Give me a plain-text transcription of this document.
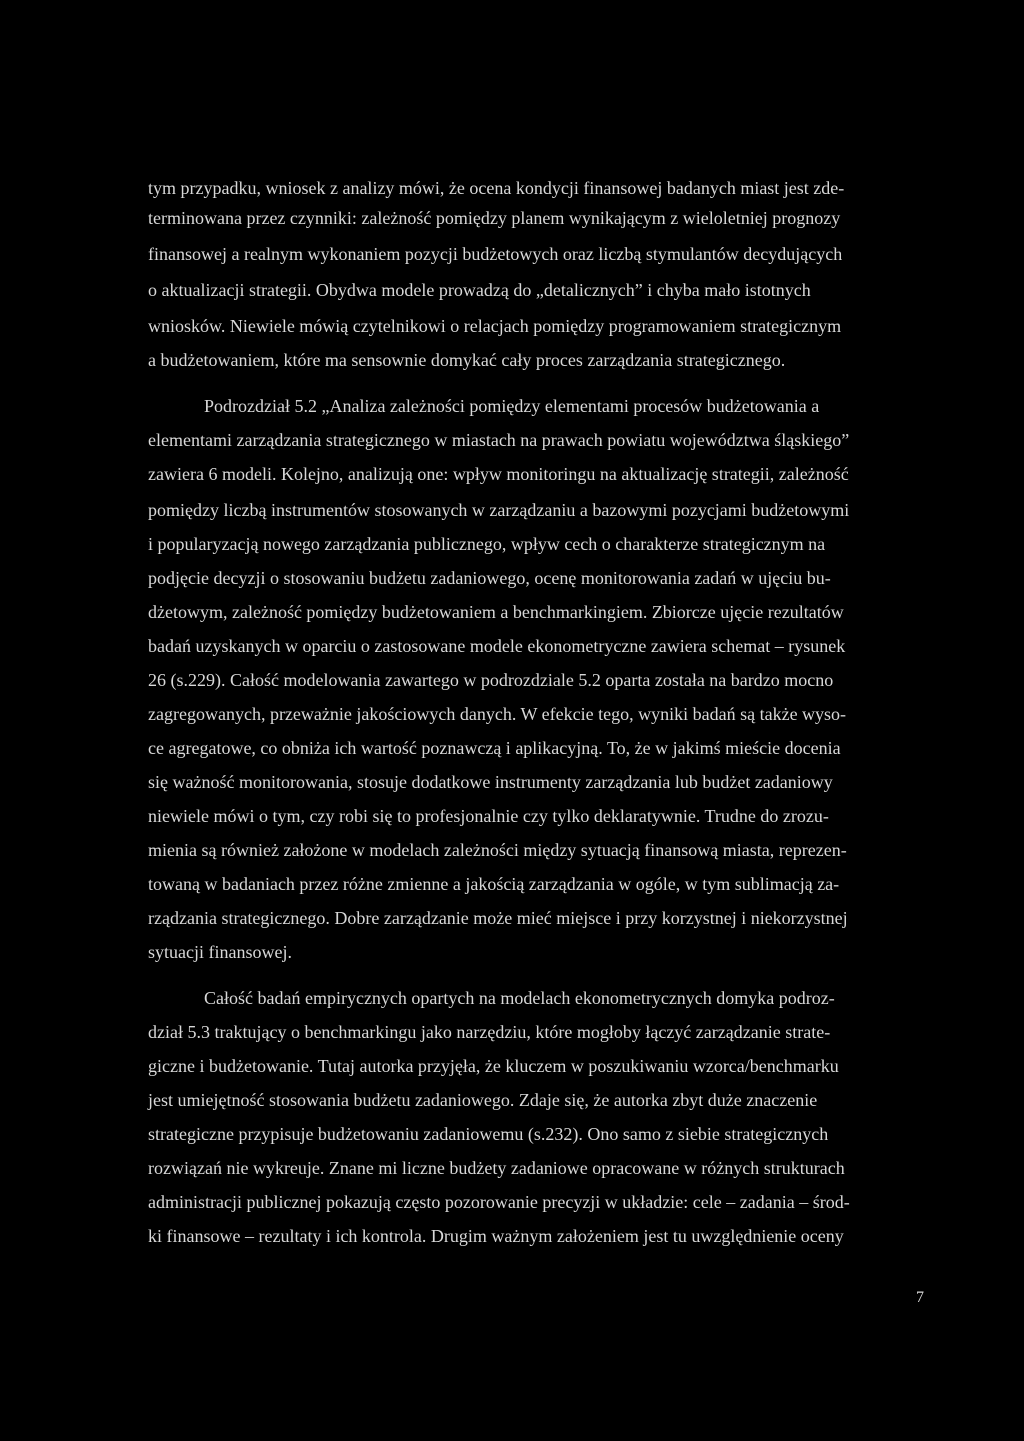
tym przypadku, wniosek z analizy mówi, że ocena kondycji finansowej badanych miast jest zde-
terminowana przez czynniki: zależność pomiędzy planem wynikającym z wieloletniej prognozy
finansowej a realnym wykonaniem pozycji budżetowych oraz liczbą stymulantów decydujących
o aktualizacji strategii. Obydwa modele prowadzą do „detalicznych” i chyba mało istotnych
wniosków. Niewiele mówią czytelnikowi o relacjach pomiędzy programowaniem strategicznym
a budżetowaniem, które ma sensownie domykać cały proces zarządzania strategicznego.
Podrozdział 5.2 „Analiza zależności pomiędzy elementami procesów budżetowania a
elementami zarządzania strategicznego w miastach na prawach powiatu województwa śląskiego”
zawiera 6 modeli. Kolejno, analizują one: wpływ monitoringu na aktualizację strategii, zależność
pomiędzy liczbą instrumentów stosowanych w zarządzaniu a bazowymi pozycjami budżetowymi
i popularyzacją nowego zarządzania publicznego, wpływ cech o charakterze strategicznym na
podjęcie decyzji o stosowaniu budżetu zadaniowego, ocenę monitorowania zadań w ujęciu bu-
dżetowym, zależność pomiędzy budżetowaniem a benchmarkingiem. Zbiorcze ujęcie rezultatów
badań uzyskanych w oparciu o zastosowane modele ekonometryczne zawiera schemat – rysunek
26 (s.229). Całość modelowania zawartego w podrozdziale 5.2 oparta została na bardzo mocno
zagregowanych, przeważnie jakościowych danych. W efekcie tego, wyniki badań są także wyso-
ce agregatowe, co obniża ich wartość poznawczą i aplikacyjną. To, że w jakimś mieście docenia
się ważność monitorowania, stosuje dodatkowe instrumenty zarządzania lub budżet zadaniowy
niewiele mówi o tym, czy robi się to profesjonalnie czy tylko deklaratywnie. Trudne do zrozu-
mienia są również założone w modelach zależności między sytuacją finansową miasta, reprezen-
towaną w badaniach przez różne zmienne a jakością zarządzania w ogóle, w tym sublimacją za-
rządzania strategicznego. Dobre zarządzanie może mieć miejsce i przy korzystnej i niekorzystnej
sytuacji finansowej.
Całość badań empirycznych opartych na modelach ekonometrycznych domyka podroz-
dział 5.3 traktujący o benchmarkingu jako narzędziu, które mogłoby łączyć zarządzanie strate-
giczne i budżetowanie. Tutaj autorka przyjęła, że kluczem w poszukiwaniu wzorca/benchmarku
jest umiejętność stosowania budżetu zadaniowego. Zdaje się, że autorka zbyt duże znaczenie
strategiczne przypisuje budżetowaniu zadaniowemu (s.232). Ono samo z siebie strategicznych
rozwiązań nie wykreuje. Znane mi liczne budżety zadaniowe opracowane w różnych strukturach
administracji publicznej pokazują często pozorowanie precyzji w układzie: cele – zadania – środ-
ki finansowe – rezultaty i ich kontrola. Drugim ważnym założeniem jest tu uwzględnienie oceny
7
